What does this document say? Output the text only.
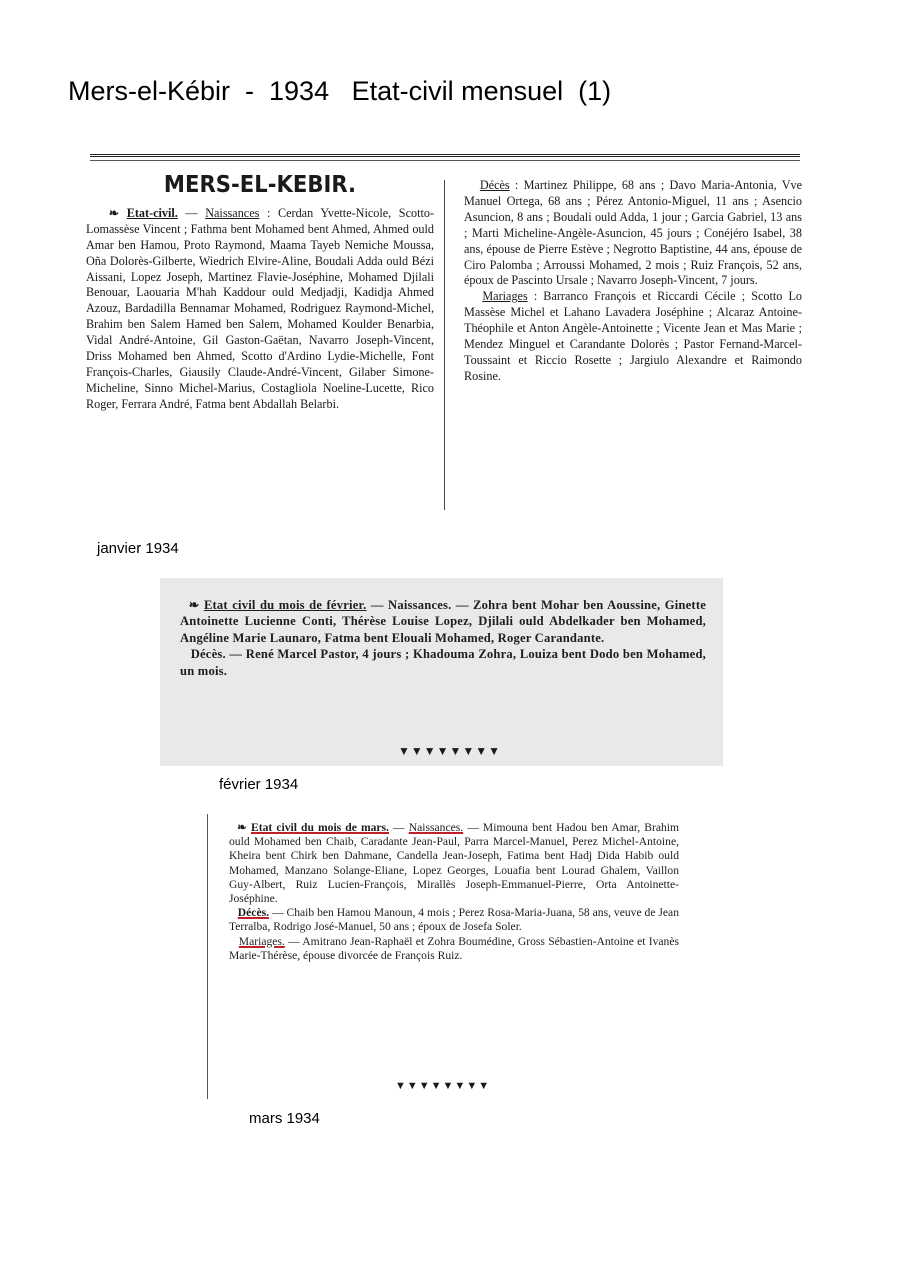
Mers-el-Kébir  -  1934   Etat-civil mensuel  (1)
MERS-EL-KEBIR.

❧ Etat-civil. — Naissances : Cerdan Yvette-Nicole, Scotto-Lomassèse Vincent ; Fathma bent Mohamed bent Ahmed, Ahmed ould Amar ben Hamou, Proto Raymond, Maama Tayeb Nemiche Moussa, Oña Dolorès-Gilberte, Wiedrich Elvire-Aline, Boudali Adda ould Bézi Aissani, Lopez Joseph, Martinez Flavie-Joséphine, Mohamed Djilali Benouar, Laouaria M'hah Kaddour ould Medjadji, Kadidja Ahmed Azouz, Bardadilla Bennamar Mohamed, Rodriguez Raymond-Michel, Brahim ben Salem Hamed ben Salem, Mohamed Koulder Benarbia, Vidal André-Antoine, Gil Gaston-Gaëtan, Navarro Joseph-Vincent, Driss Mohamed ben Ahmed, Scotto d'Ardino Lydie-Michelle, Font François-Charles, Giausily Claude-André-Vincent, Gilaber Simone-Micheline, Sinno Michel-Marius, Costagliola Noeline-Lucette, Rico Roger, Ferrara André, Fatma bent Abdallah Belarbi.

Décès : Martinez Philippe, 68 ans ; Davo Maria-Antonia, Vve Manuel Ortega, 68 ans ; Pérez Antonio-Miguel, 11 ans ; Asencio Asuncion, 8 ans ; Boudali ould Adda, 1 jour ; Garcia Gabriel, 13 ans ; Marti Micheline-Angèle-Asuncion, 45 jours ; Conéjéro Isabel, 38 ans, épouse de Pierre Estève ; Negrotto Baptistine, 44 ans, épouse de Ciro Palomba ; Arroussi Mohamed, 2 mois ; Ruiz François, 52 ans, époux de Pascinto Ursale ; Navarro Joseph-Vincent, 7 jours.

Mariages : Barranco François et Riccardi Cécile ; Scotto Lo Massèse Michel et Lahano Lavadera Joséphine ; Alcaraz Antoine-Théophile et Anton Angèle-Antoinette ; Vicente Jean et Mas Marie ; Mendez Minguel et Carandante Dolorès ; Pastor Fernand-Marcel-Toussaint et Riccio Rosette ; Jargiulo Alexandre et Raimondo Rosine.

janvier 1934
❧ Etat civil du mois de février. — Naissances. — Zohra bent Mohar ben Aoussine, Ginette Antoinette Lucienne Conti, Thérèse Louise Lopez, Djilali ould Abdelkader ben Mohamed, Angéline Marie Launaro, Fatma bent Elouali Mohamed, Roger Carandante.
Décès. — René Marcel Pastor, 4 jours ; Khadouma Zohra, Louiza bent Dodo ben Mohamed, un mois.
▼▼▼▼▼▼▼▼
février 1934
❧ Etat civil du mois de mars. — Naissances. — Mimouna bent Hadou ben Amar, Brahim ould Mohamed ben Chaib, Caradante Jean-Paul, Parra Marcel-Manuel, Perez Michel-Antoine, Kheira bent Chirk ben Dahmane, Candella Jean-Joseph, Fatima bent Hadj Dida Habib ould Mohamed, Manzano Solange-Eliane, Lopez Georges, Louafia bent Lourad Ghalem, Vaillon Guy-Albert, Ruiz Lucien-François, Mirallès Joseph-Emmanuel-Pierre, Orta Antoinette-Joséphine.
Décès. — Chaib ben Hamou Manoun, 4 mois ; Perez Rosa-Maria-Juana, 58 ans, veuve de Jean Terralba, Rodrigo José-Manuel, 50 ans ; époux de Josefa Soler.
Mariages. — Amitrano Jean-Raphaël et Zohra Boumédine, Gross Sébastien-Antoine et Ivanès Marie-Thérèse, épouse divorcée de François Ruiz.
▼▼▼▼▼▼▼▼
mars 1934
